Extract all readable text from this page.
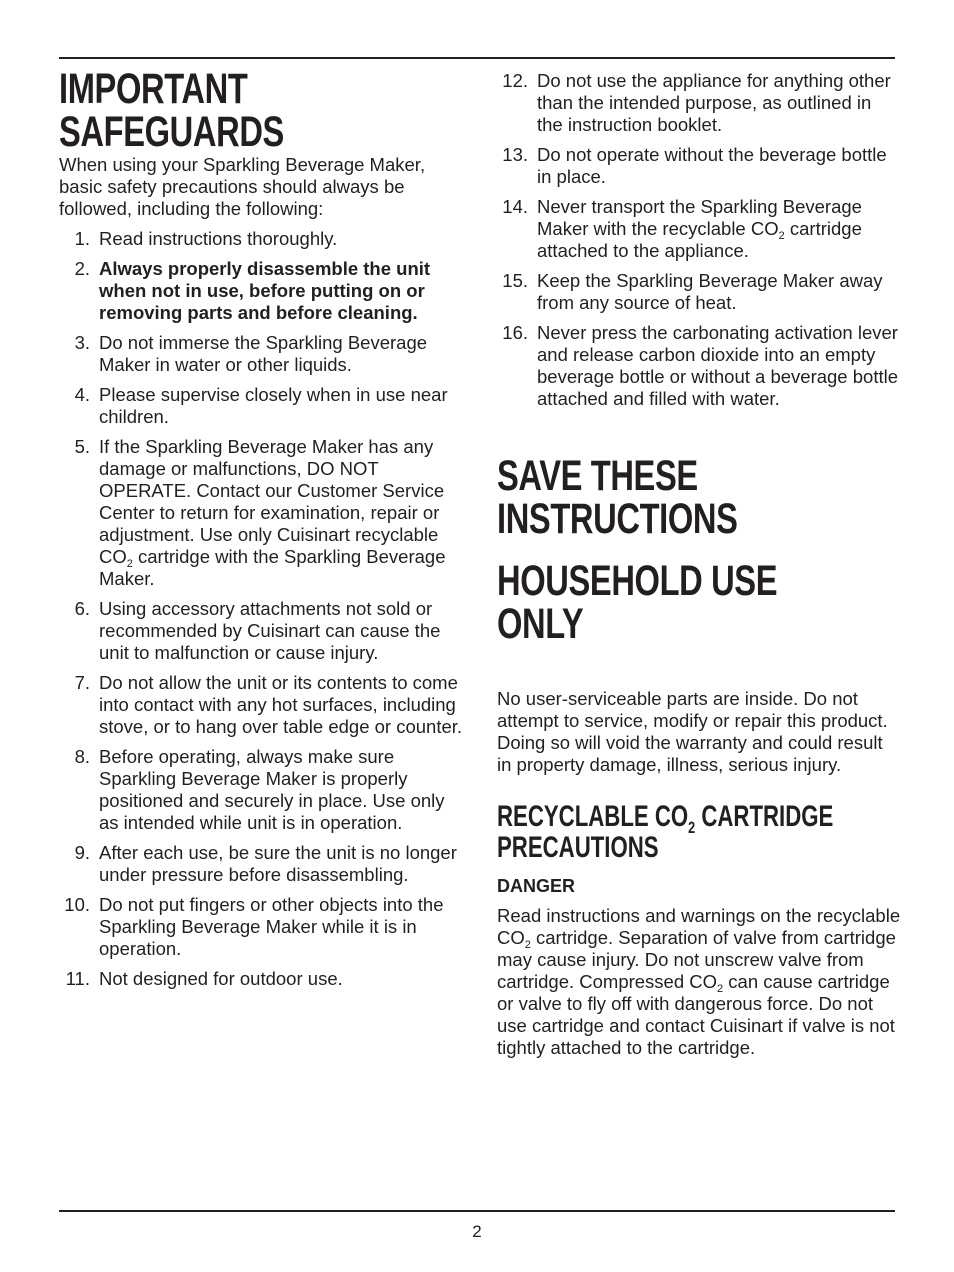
IMPORTANT
SAFEGUARDS

When using your Sparkling Beverage Maker, basic safety precautions should always be followed, including the following:

1. Read instructions thoroughly.
2. Always properly disassemble the unit when not in use, before putting on or removing parts and before cleaning.
3. Do not immerse the Sparkling Beverage Maker in water or other liquids.
4. Please supervise closely when in use near children.
5. If the Sparkling Beverage Maker has any damage or malfunctions, DO NOT OPERATE. Contact our Customer Service Center to return for examination, repair or adjustment. Use only Cuisinart recyclable $CO_2$ cartridge with the Sparkling Beverage Maker.
6. Using accessory attachments not sold or recommended by Cuisinart can cause the unit to malfunction or cause injury.
7. Do not allow the unit or its contents to come into contact with any hot surfaces, including stove, or to hang over table edge or counter.
8. Before operating, always make sure Sparkling Beverage Maker is properly positioned and securely in place. Use only as intended while unit is in operation.
9. After each use, be sure the unit is no longer under pressure before disassembling.
10. Do not put fingers or other objects into the Sparkling Beverage Maker while it is in operation.
11. Not designed for outdoor use.
12. Do not use the appliance for anything other than the intended purpose, as outlined in the instruction booklet.
13. Do not operate without the beverage bottle in place.
14. Never transport the Sparkling Beverage Maker with the recyclable $CO_2$ cartridge attached to the appliance.
15. Keep the Sparkling Beverage Maker away from any source of heat.
16. Never press the carbonating activation lever and release carbon dioxide into an empty beverage bottle or without a beverage bottle attached and filled with water.
SAVE THESE
INSTRUCTIONS
HOUSEHOLD USE
ONLY

No user-serviceable parts are inside. Do not attempt to service, modify or repair this product. Doing so will void the warranty and could result in property damage, illness, serious injury.

RECYCLABLE $CO_2$ CARTRIDGE
PRECAUTIONS

DANGER

Read instructions and warnings on the recyclable $CO_2$ cartridge. Separation of valve from cartridge may cause injury. Do not unscrew valve from cartridge. Compressed $CO_2$ can cause cartridge or valve to fly off with dangerous force. Do not use cartridge and contact Cuisinart if valve is not tightly attached to the cartridge.

2
